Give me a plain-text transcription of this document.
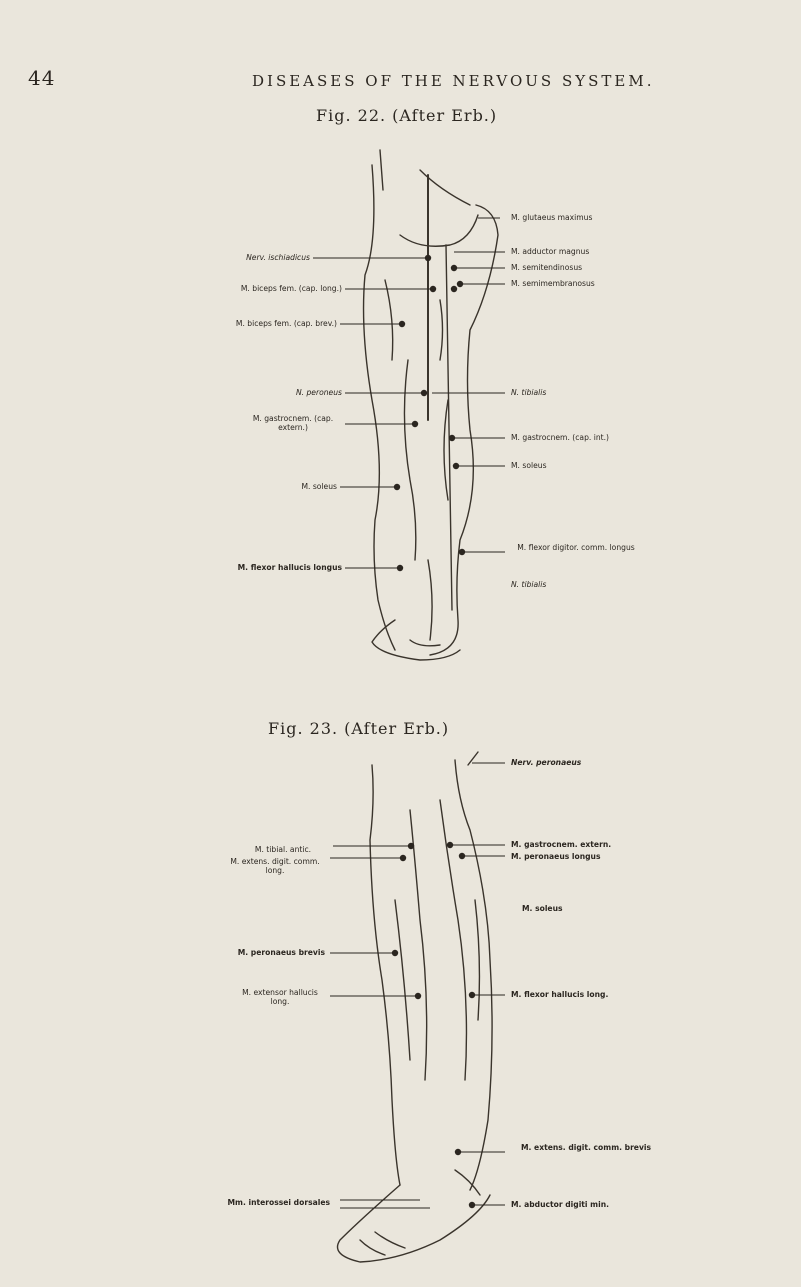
44	DISEASES OF THE NERVOUS SYSTEM.
Fig. 22. (After Erb.)
Nerv. ischiadicus
M. biceps fem. (cap. long.)
M. biceps fem. (cap. brev.)
N. peroneus
M. gastrocnem. (cap. extern.)
M. soleus
M. flexor hallucis longus
M. glutaeus maximus
M. adductor magnus
M. semitendinosus
M. semimembranosus
N. tibialis
M. gastrocnem. (cap. int.)
M. soleus
M. flexor digitor. comm. longus
N. tibialis
Fig. 23. (After Erb.)
M. tibial. antic.
M. extens. digit. comm. long.
M. peronaeus brevis
M. extensor hallucis long.
Mm. interossei dorsales
Nerv. peronaeus
M. gastrocnem. extern.
M. peronaeus longus
M. soleus
M. flexor hallucis long.
M. extens. digit. comm. brevis
M. abductor digiti min.
